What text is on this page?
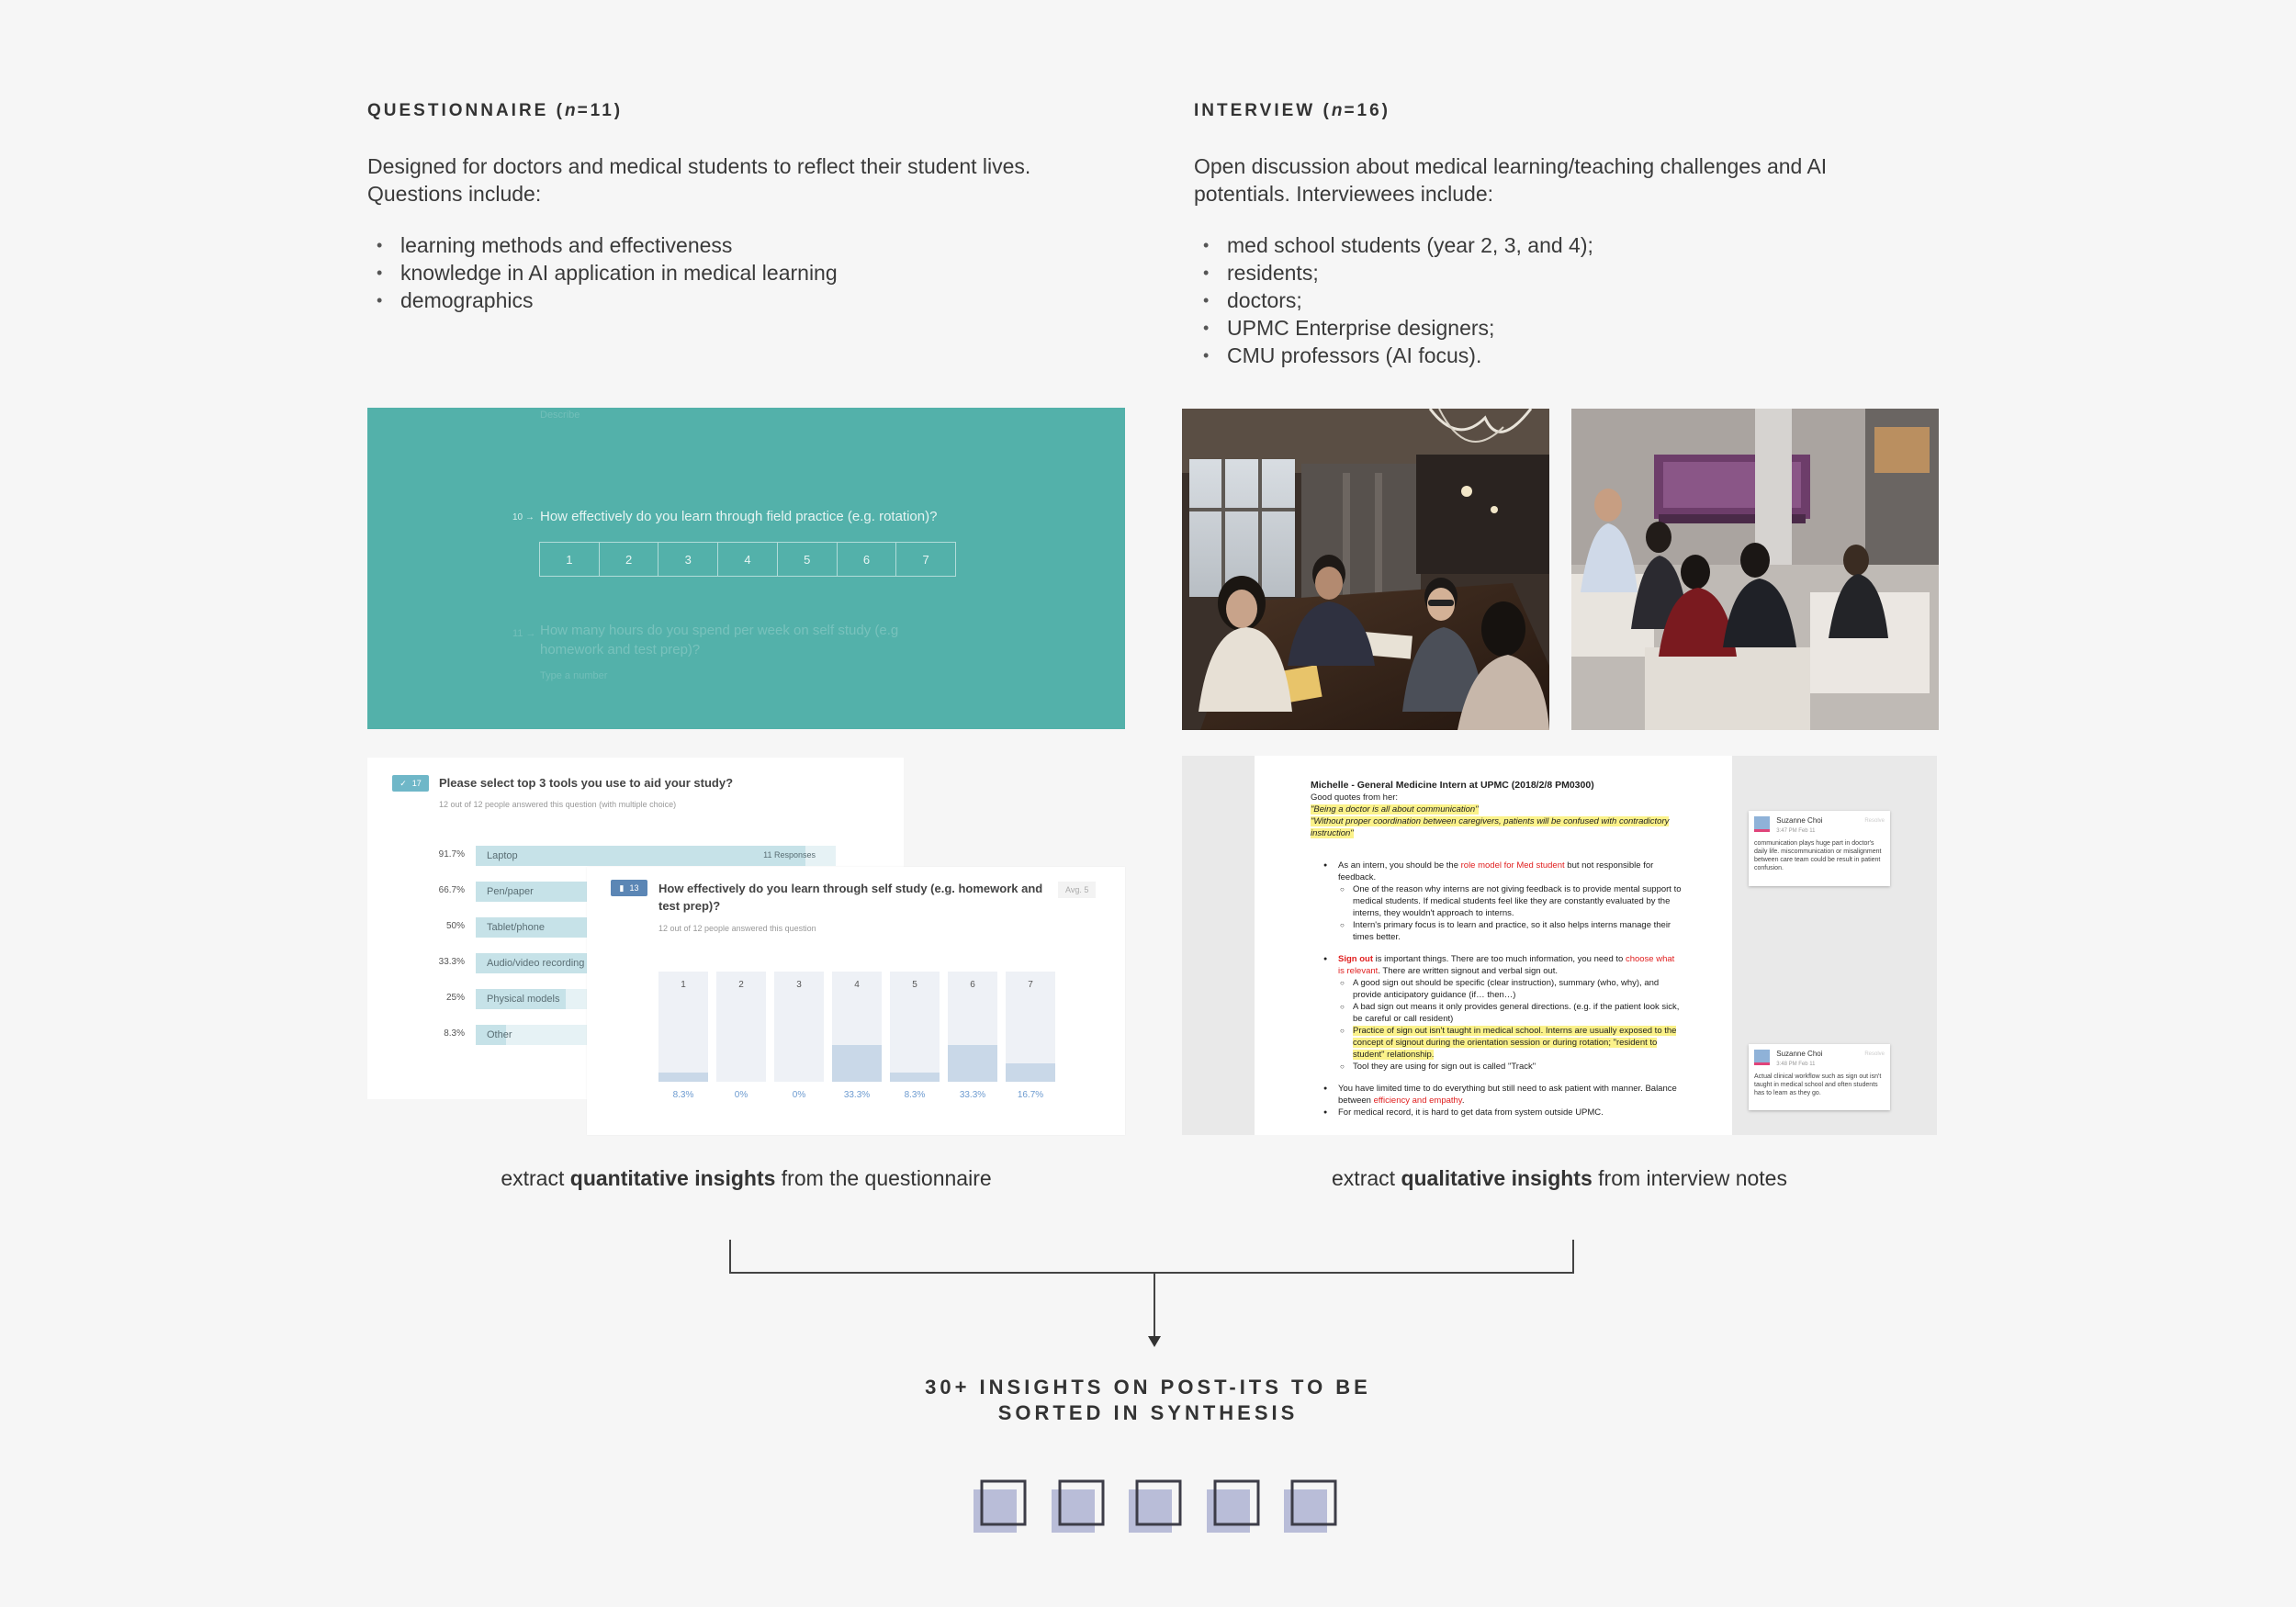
QUESTIONNAIRE (n=11)
Designed for doctors and medical students to reflect their student lives. Questions include:
• learning methods and effectiveness
• knowledge in AI application in medical learning
• demographics
INTERVIEW (n=16)
Open discussion about medical learning/teaching challenges and AI potentials. Interviewees include:
• med school students (year 2, 3, and 4);
• residents;
• doctors;
• UPMC Enterprise designers;
• CMU professors (AI focus).
Describe
10 → How effectively do you learn through field practice (e.g. rotation)?
1	2	3	4	5	6	7
11 → How many hours do you spend per week on self study (e.g homework and test prep)?
Type a number
✓ 17 Please select top 3 tools you use to aid your study?
12 out of 12 people answered this question (with multiple choice)
91.7% Laptop	11 Responses
66.7% Pen/paper
50% Tablet/phone
33.3% Audio/video recording
25% Physical models
8.3% Other
▮ 13 How effectively do you learn through self study (e.g. homework and test prep)?
Avg. 5
12 out of 12 people answered this question
1
8.3%
2
0%
3
0%
4
33.3%
5
8.3%
6
33.3%
7
16.7%
Michelle - General Medicine Intern at UPMC (2018/2/8 PM0300)
Good quotes from her:
"Being a doctor is all about communication"
"Without proper coordination between caregivers, patients will be confused with contradictory instruction"
● As an intern, you should be the role model for Med student but not responsible for feedback.
○ One of the reason why interns are not giving feedback is to provide mental support to medical students. If medical students feel like they are constantly evaluated by the interns, they wouldn't approach to interns.
○ Intern's primary focus is to learn and practice, so it also helps interns manage their times better.
● Sign out is important things. There are too much information, you need to choose what is relevant. There are written signout and verbal sign out.
○ A good sign out should be specific (clear instruction), summary (who, why), and provide anticipatory guidance (if… then…)
○ A bad sign out means it only provides general directions. (e.g. if the patient look sick, be careful or call resident)
○ Practice of sign out isn't taught in medical school. Interns are usually exposed to the concept of signout during the orientation session or during rotation; "resident to student" relationship.
○ Tool they are using for sign out is called "Track"
● You have limited time to do everything but still need to ask patient with manner. Balance between efficiency and empathy.
● For medical record, it is hard to get data from system outside UPMC.
Suzanne Choi
3:47 PM Feb 11
Resolve
communication plays huge part in doctor's daily life. miscommunication or misalignment between care team could be result in patient confusion.
Suzanne Choi
3:48 PM Feb 11
Resolve
Actual clinical workflow such as sign out isn't taught in medical school and often students has to learn as they go.
extract quantitative insights from the questionnaire	extract qualitative insights from interview notes
30+ INSIGHTS ON POST-ITS TO BE
SORTED IN SYNTHESIS
